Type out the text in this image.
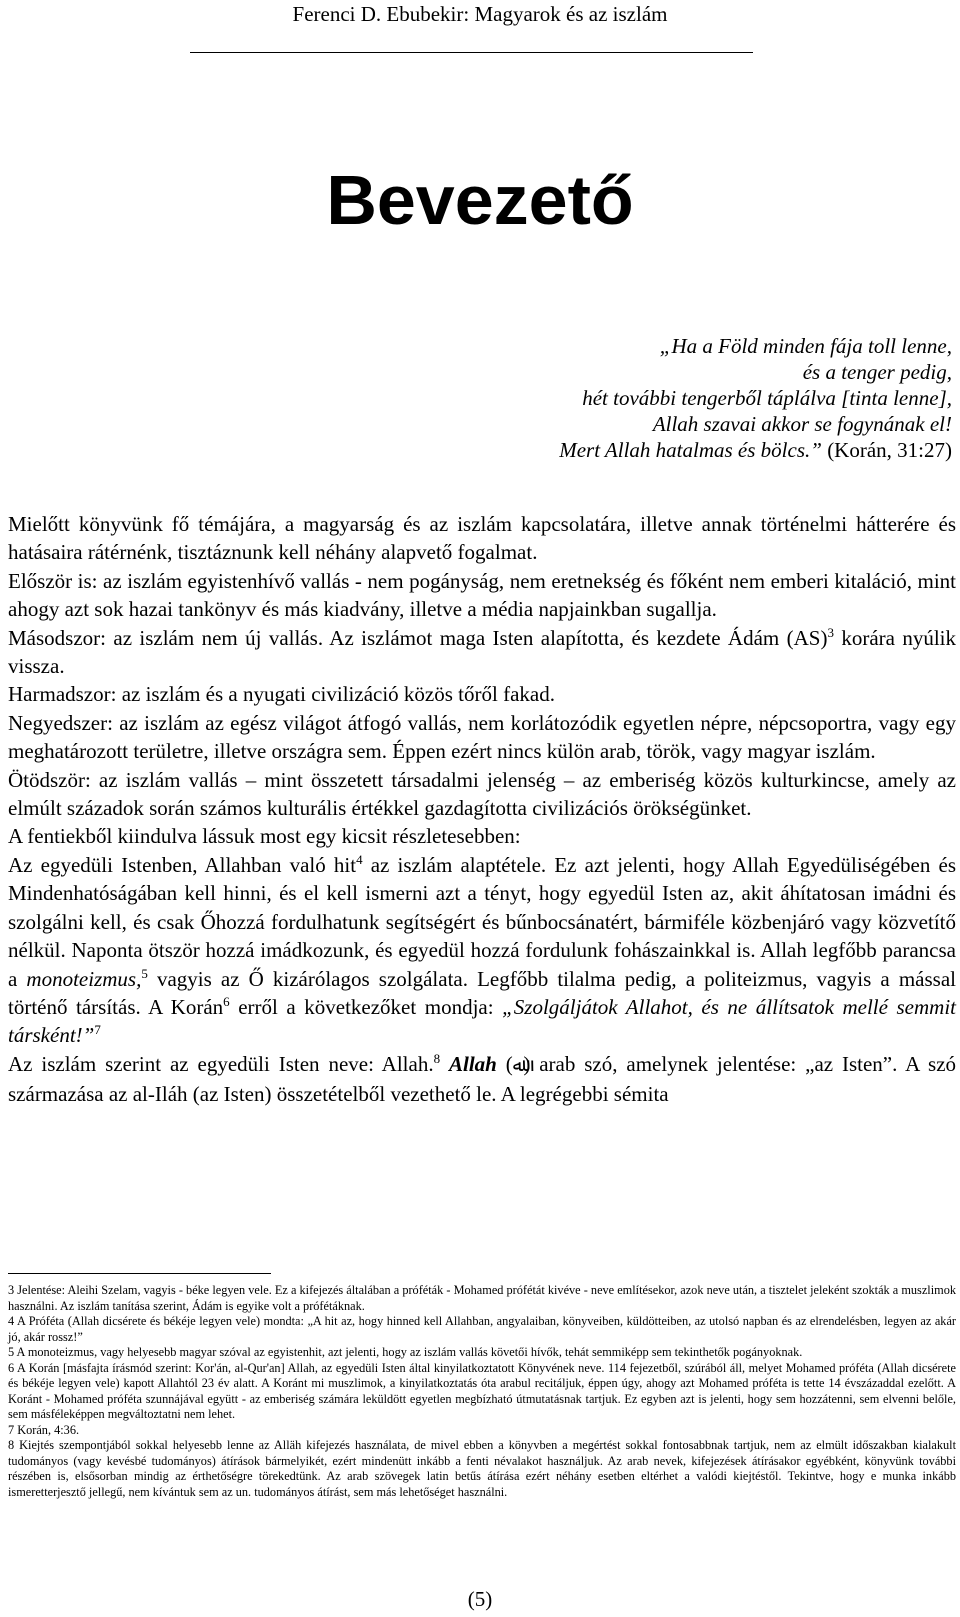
Ferenci D. Ebubekir: Magyarok és az iszlám
Bevezető
„Ha a Föld minden fája toll lenne,
és a tenger pedig,
hét további tengerből táplálva [tinta lenne],
Allah szavai akkor se fogynának el!
Mert Allah hatalmas és bölcs.” (Korán, 31:27)

Mielőtt könyvünk fő témájára, a magyarság és az iszlám kapcsolatára, illetve annak történelmi hátterére és hatásaira rátérnénk, tisztáznunk kell néhány alapvető fogalmat.

Először is: az iszlám egyistenhívő vallás - nem pogányság, nem eretnekség és főként nem emberi kitaláció, mint ahogy azt sok hazai tankönyv és más kiadvány, illetve a média napjainkban sugallja.

Másodszor: az iszlám nem új vallás. Az iszlámot maga Isten alapította, és kezdete Ádám (AS)$^3$ korára nyúlik vissza.

Harmadszor: az iszlám és a nyugati civilizáció közös tőről fakad.

Negyedszer: az iszlám az egész világot átfogó vallás, nem korlátozódik egyetlen népre, népcsoportra, vagy egy meghatározott területre, illetve országra sem. Éppen ezért nincs külön arab, török, vagy magyar iszlám.

Ötödször: az iszlám vallás – mint összetett társadalmi jelenség – az emberiség közös kulturkincse, amely az elmúlt századok során számos kulturális értékkel gazdagította civilizációs örökségünket.

A fentiekből kiindulva lássuk most egy kicsit részletesebben:

Az egyedüli Istenben, Allahban való hit$^4$ az iszlám alaptétele. Ez azt jelenti, hogy Allah Egyedüliségében és Mindenhatóságában kell hinni, és el kell ismerni azt a tényt, hogy egyedül Isten az, akit áhítatosan imádni és szolgálni kell, és csak Őhozzá fordulhatunk segítségért és bűnbocsánatért, bármiféle közbenjáró vagy közvetítő nélkül. Naponta ötször hozzá imádkozunk, és egyedül hozzá fordulunk fohászainkkal is. Allah legfőbb parancsa a monoteizmus,$^5$ vagyis az Ő kizárólagos szolgálata. Legfőbb tilalma pedig, a politeizmus, vagyis a mással történő társítás. A Korán$^6$ erről a következőket mondja: „Szolgáljátok Allahot, és ne állítsatok mellé semmit társként!”$^7$

Az iszlám szerint az egyedüli Isten neve: Allah.$^8$ Allah (ﷲ) arab szó, amelynek jelentése: „az Isten”. A szó származása az al-Iláh (az Isten) összetételből vezethető le. A legrégebbi sémita

3 Jelentése: Aleihi Szelam, vagyis - béke legyen vele. Ez a kifejezés általában a próféták - Mohamed prófétát kivéve - neve említésekor, azok neve után, a tisztelet jeleként szokták a muszlimok használni. Az iszlám tanítása szerint, Ádám is egyike volt a prófétáknak.

4 A Próféta (Allah dicsérete és békéje legyen vele) mondta: „A hit az, hogy hinned kell Allahban, angyalaiban, könyveiben, küldötteiben, az utolsó napban és az elrendelésben, legyen az akár jó, akár rossz!”

5 A monoteizmus, vagy helyesebb magyar szóval az egyistenhit, azt jelenti, hogy az iszlám vallás követői hívők, tehát semmiképp sem tekinthetők pogányoknak.

6 A Korán [másfajta írásmód szerint: Kor'án, al-Qur'an] Allah, az egyedüli Isten által kinyilatkoztatott Könyvének neve. 114 fejezetből, szúrából áll, melyet Mohamed próféta (Allah dicsérete és békéje legyen vele) kapott Allahtól 23 év alatt. A Koránt mi muszlimok, a kinyilatkoztatás óta arabul recitáljuk, éppen úgy, ahogy azt Mohamed próféta is tette 14 évszázaddal ezelőtt. A Koránt - Mohamed próféta szunnájával együtt - az emberiség számára leküldött egyetlen megbízható útmutatásnak tartjuk. Ez egyben azt is jelenti, hogy sem hozzátenni, sem elvenni belőle, sem másféleképpen megváltoztatni nem lehet.

7 Korán, 4:36.

8 Kiejtés szempontjából sokkal helyesebb lenne az Alläh kifejezés használata, de mivel ebben a könyvben a megértést sokkal fontosabbnak tartjuk, nem az elmült időszakban kialakult tudományos (vagy kevésbé tudományos) átírások bármelyikét, ezért mindenütt inkább a fenti névalakot használjuk. Az arab nevek, kifejezések átírásakor egyébként, könyvünk további részében is, elsősorban mindig az érthetőségre törekedtünk. Az arab szövegek latin betűs átírása ezért néhány esetben eltérhet a valódi kiejtéstől. Tekintve, hogy e munka inkább ismeretterjesztő jellegű, nem kívántuk sem az un. tudományos átírást, sem más lehetőséget használni.

(5)
